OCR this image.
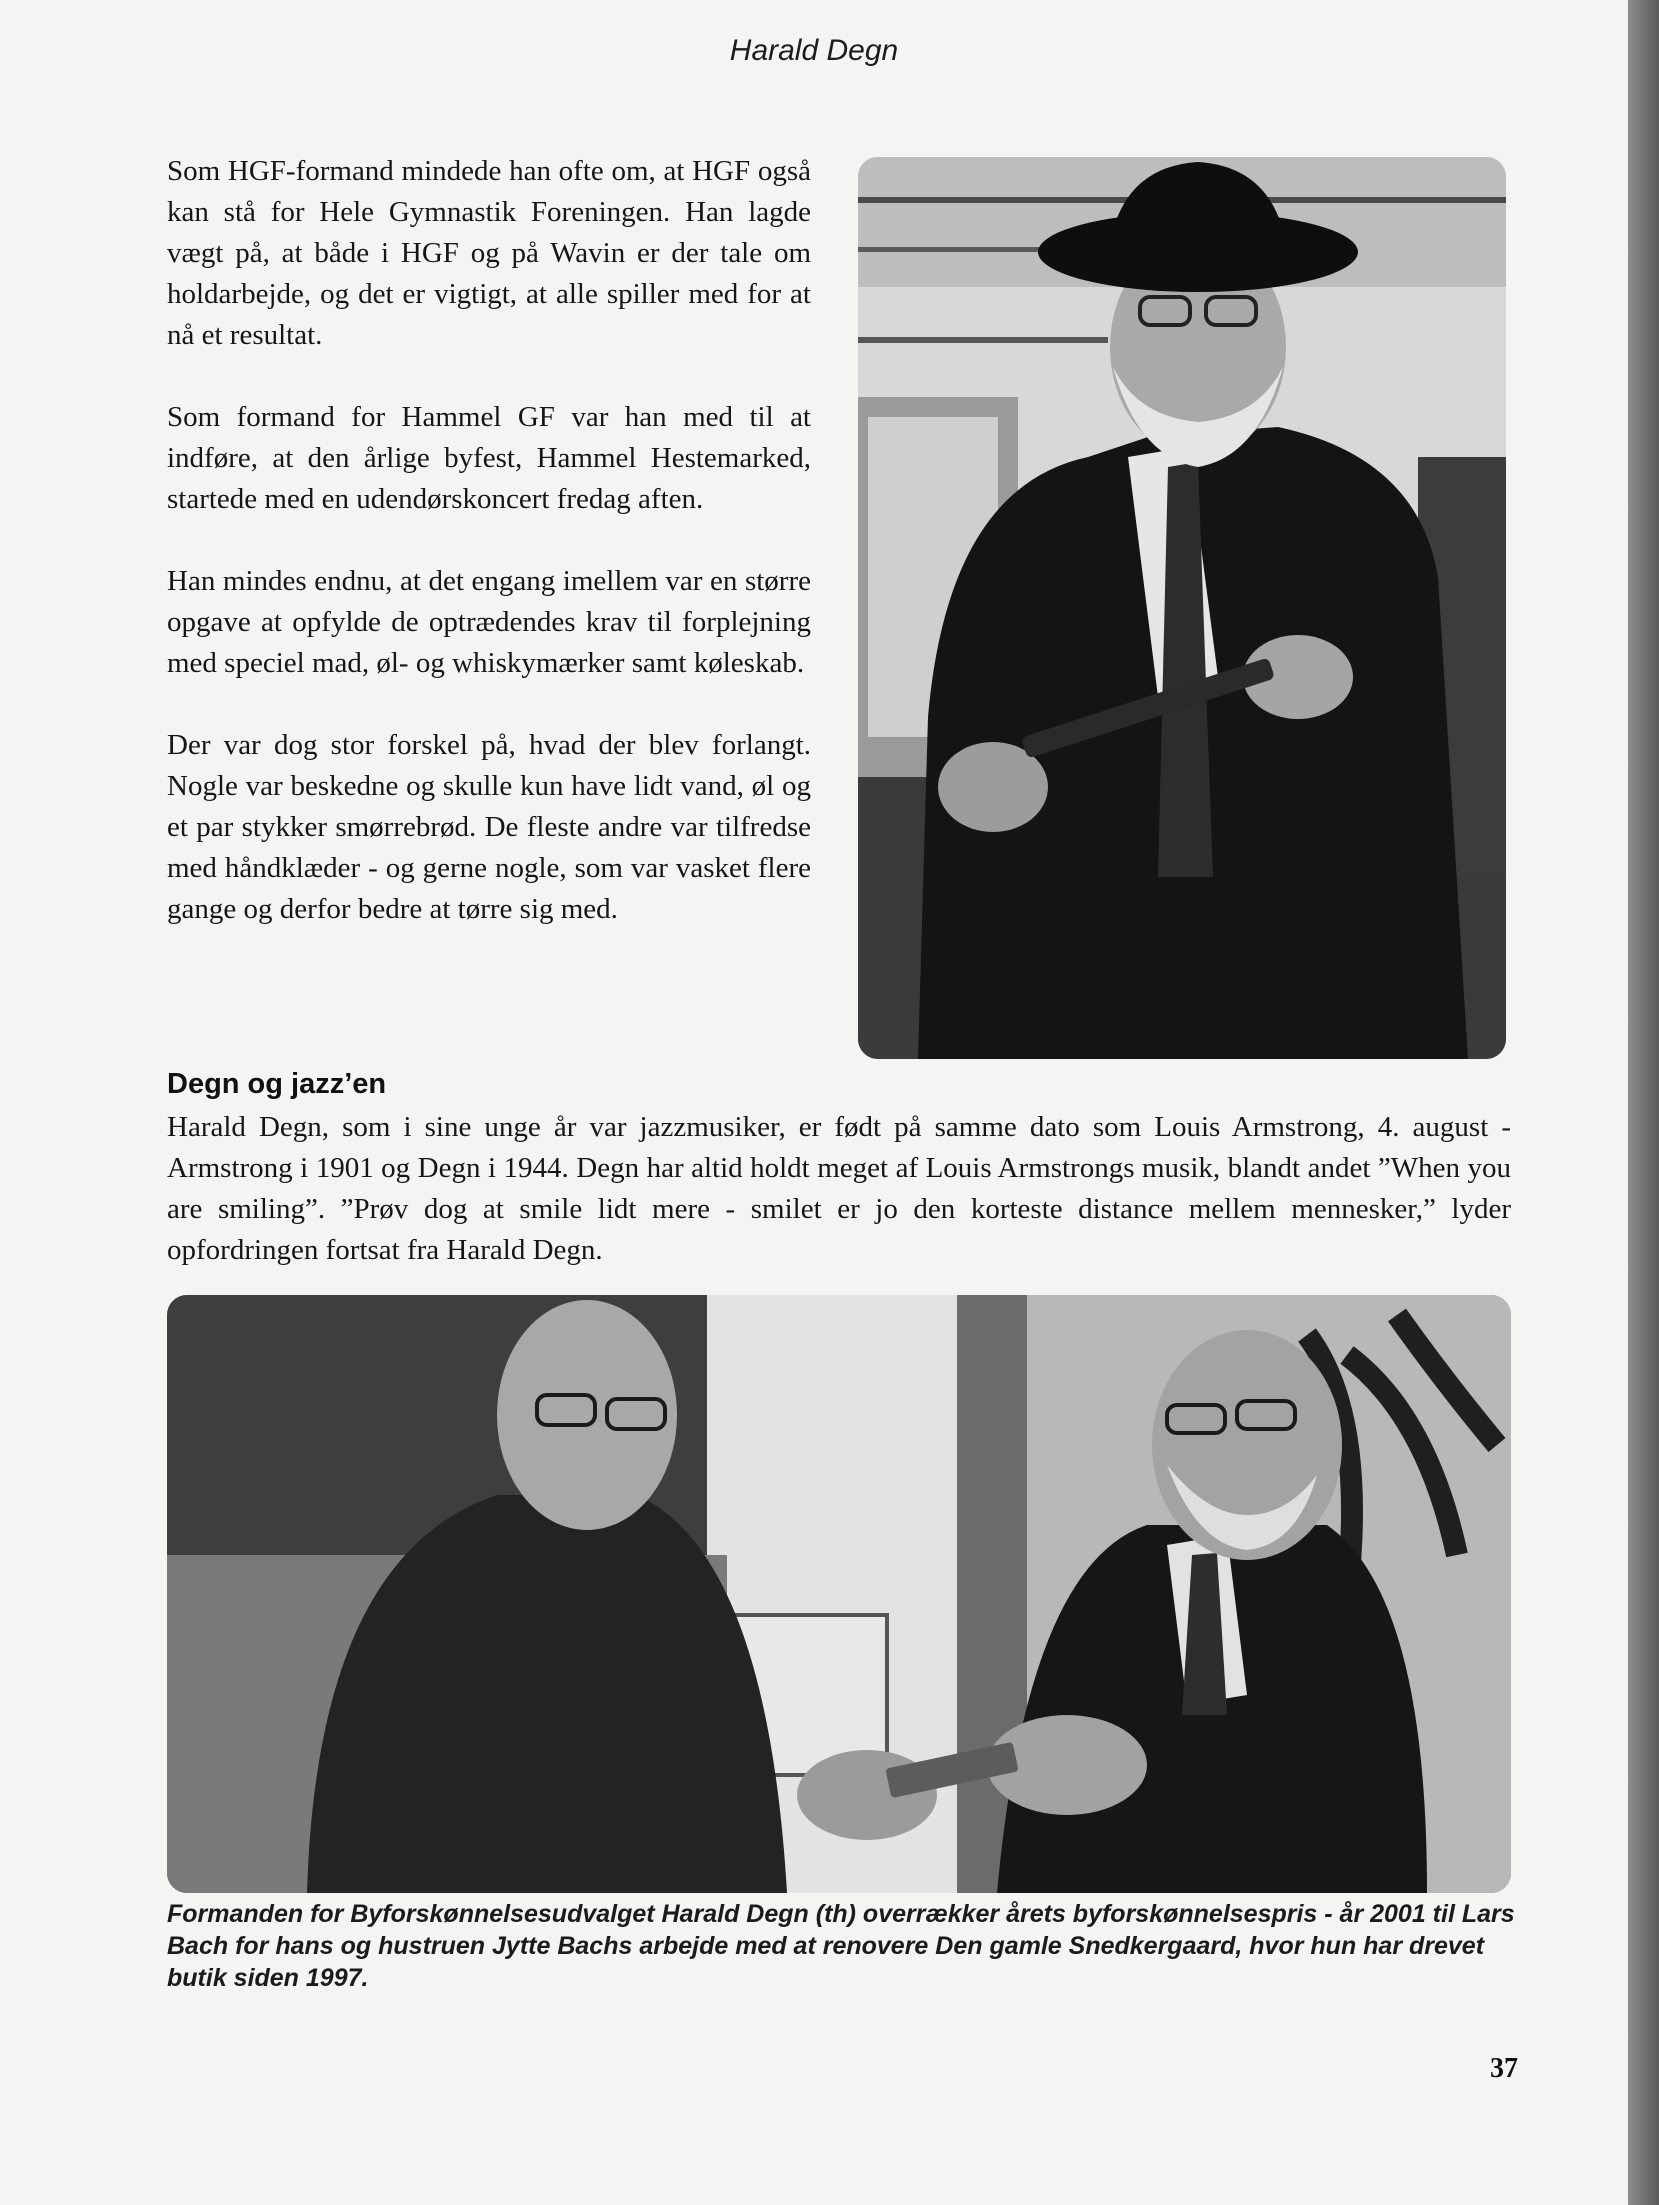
Harald Degn

Som HGF-formand mindede han ofte om, at HGF også kan stå for Hele Gymnastik Foreningen. Han lagde vægt på, at både i HGF og på Wavin er der tale om holdarbejde, og det er vigtigt, at alle spiller med for at nå et resultat.

Som formand for Hammel GF var han med til at indføre, at den årlige byfest, Hammel Hestemarked, startede med en udendørskoncert fredag aften.

Han mindes endnu, at det engang imellem var en større opgave at opfylde de optrædendes krav til forplejning med speciel mad, øl- og whiskymærker samt køleskab.

Der var dog stor forskel på, hvad der blev forlangt. Nogle var beskedne og skulle kun have lidt vand, øl og et par stykker smørrebrød. De fleste andre var tilfredse med håndklæder - og gerne nogle, som var vasket flere gange og derfor bedre at tørre sig med.

Degn og jazz’en

Harald Degn, som i sine unge år var jazzmusiker, er født på samme dato som Louis Armstrong, 4. august - Armstrong i 1901 og Degn i 1944. Degn har altid holdt meget af Louis Armstrongs musik, blandt andet ”When you are smiling”. ”Prøv dog at smile lidt mere - smilet er jo den korteste distance mellem mennesker,” lyder opfordringen fortsat fra Harald Degn.

Formanden for Byforskønnelsesudvalget Harald Degn (th) overrækker årets byforskønnelsespris - år 2001 til Lars Bach for hans og hustruen Jytte Bachs arbejde med at renovere Den gamle Snedkergaard, hvor hun har drevet butik siden 1997.
37
